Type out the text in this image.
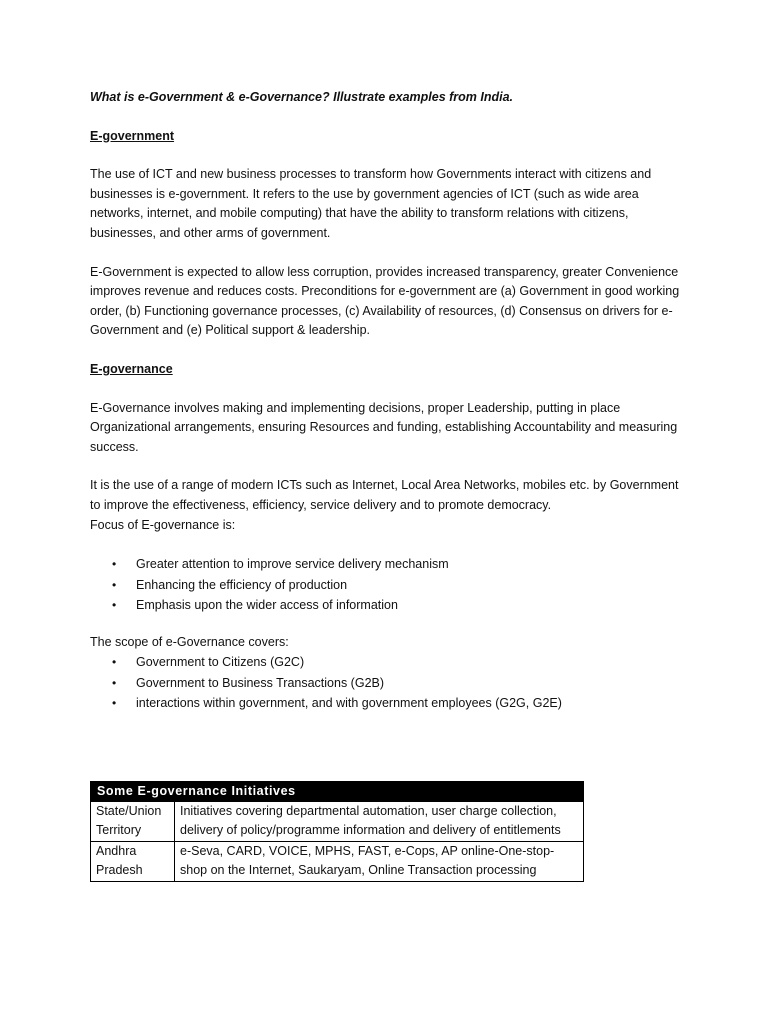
What is e-Government & e-Governance? Illustrate examples from India.

E-government

The use of ICT and new business processes to transform how Governments interact with citizens and businesses is e-government. It refers to the use by government agencies of ICT (such as wide area networks, internet, and mobile computing) that have the ability to transform relations with citizens, businesses, and other arms of government.

E-Government is expected to allow less corruption, provides increased transparency, greater Convenience improves revenue and reduces costs. Preconditions for e-government are (a) Government in good working order, (b) Functioning governance processes, (c) Availability of resources, (d) Consensus on drivers for e-Government and (e) Political support & leadership.

E-governance

E-Governance involves making and implementing decisions, proper Leadership, putting in place Organizational arrangements, ensuring Resources and funding, establishing Accountability and measuring success.

It is the use of a range of modern ICTs such as Internet, Local Area Networks, mobiles etc. by Government to improve the effectiveness, efficiency, service delivery and to promote democracy.
Focus of E-governance is:
• Greater attention to improve service delivery mechanism
• Enhancing the efficiency of production
• Emphasis upon the wider access of information

The scope of e-Governance covers:

• Government to Citizens (G2C)
• Government to Business Transactions (G2B)
• interactions within government, and with government employees (G2G, G2E)
Some E-governance Initiatives	
State/Union Territory	Initiatives covering departmental automation, user charge collection, delivery of policy/programme information and delivery of entitlements
Andhra Pradesh	e-Seva, CARD, VOICE, MPHS, FAST, e-Cops, AP online-One-stop-shop on the Internet, Saukaryam, Online Transaction processing
